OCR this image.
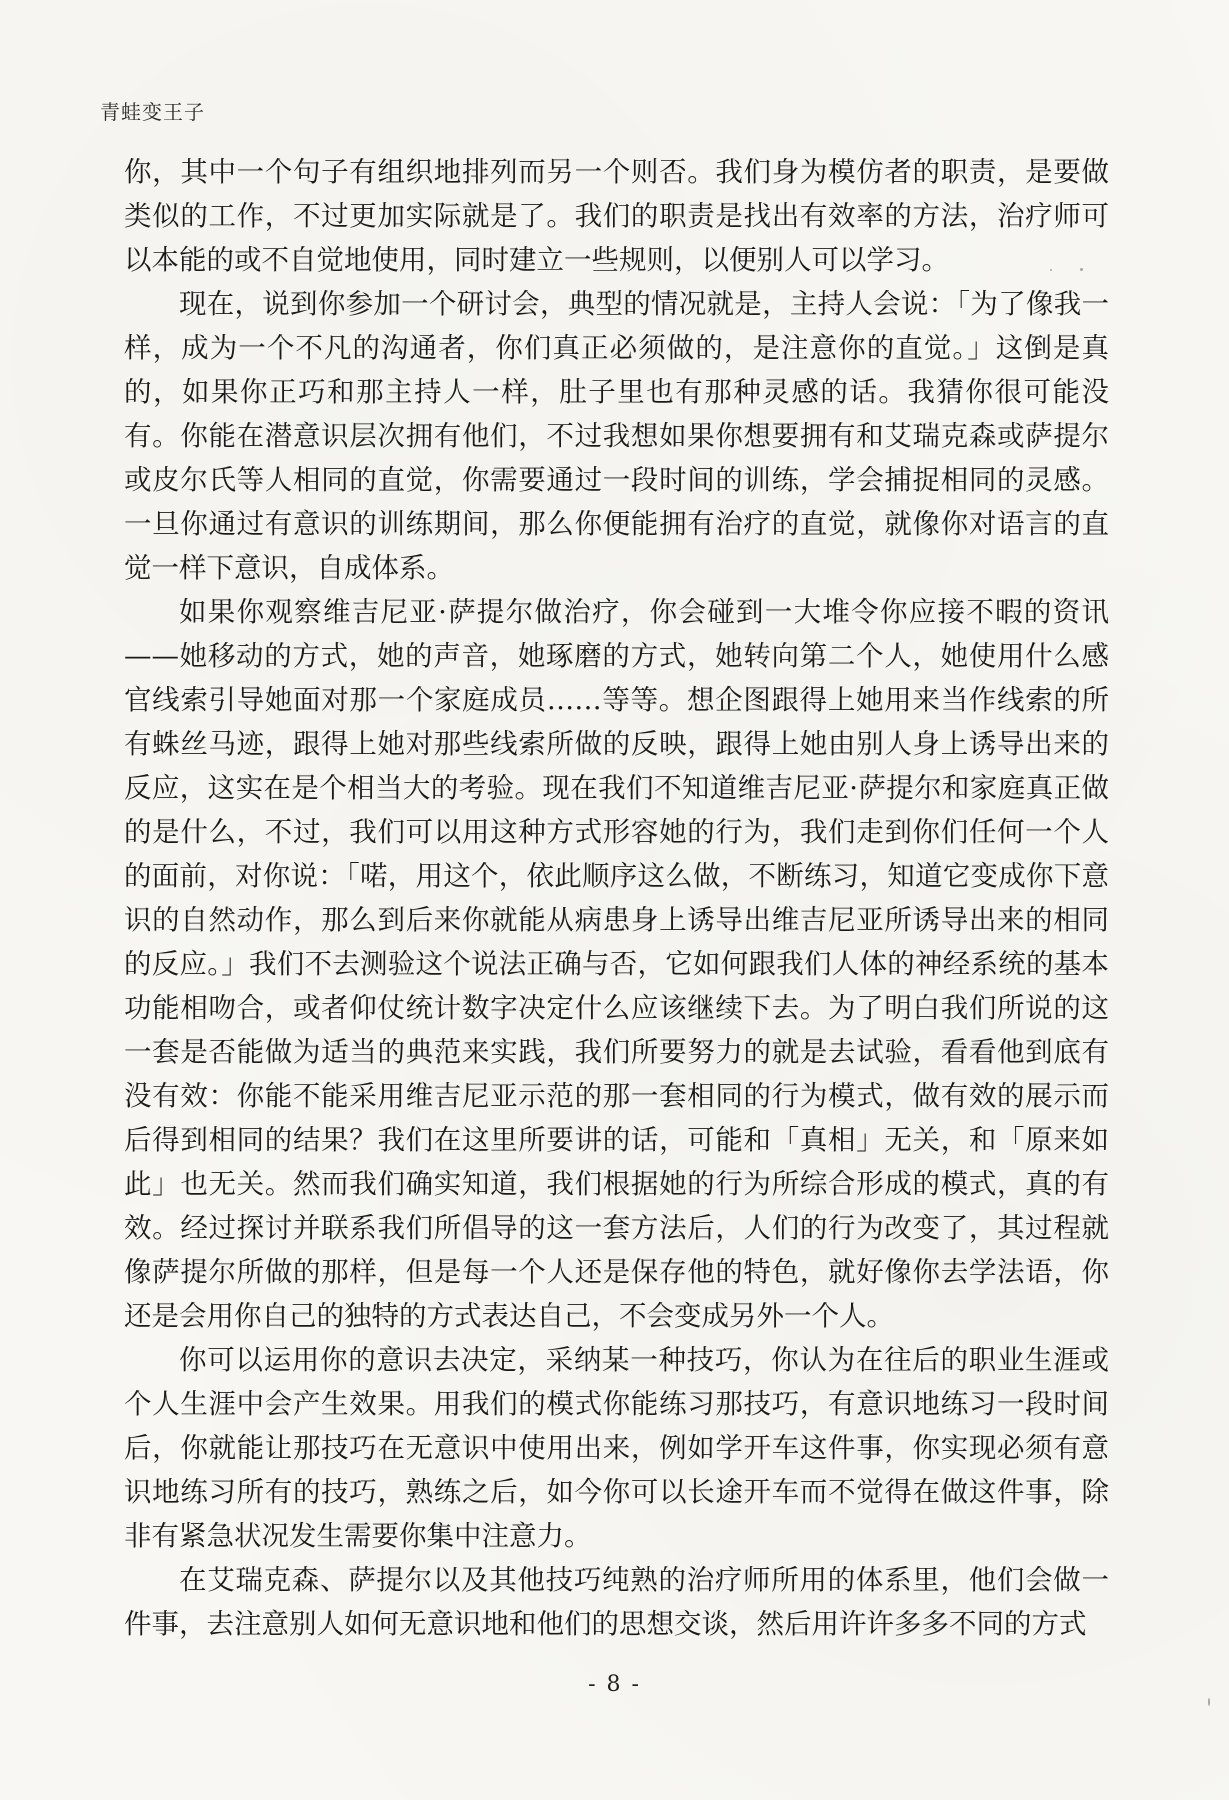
青蛙变王子

你，其中一个句子有组织地排列而另一个则否。我们身为模仿者的职责，是要做类似的工作，不过更加实际就是了。我们的职责是找出有效率的方法，治疗师可以本能的或不自觉地使用，同时建立一些规则，以便别人可以学习。

现在，说到你参加一个研讨会，典型的情况就是，主持人会说：「为了像我一样，成为一个不凡的沟通者，你们真正必须做的，是注意你的直觉。」这倒是真的，如果你正巧和那主持人一样，肚子里也有那种灵感的话。我猜你很可能没有。你能在潜意识层次拥有他们，不过我想如果你想要拥有和艾瑞克森或萨提尔或皮尔氏等人相同的直觉，你需要通过一段时间的训练，学会捕捉相同的灵感。一旦你通过有意识的训练期间，那么你便能拥有治疗的直觉，就像你对语言的直觉一样下意识，自成体系。

如果你观察维吉尼亚·萨提尔做治疗，你会碰到一大堆令你应接不暇的资讯——她移动的方式，她的声音，她琢磨的方式，她转向第二个人，她使用什么感官线索引导她面对那一个家庭成员……等等。想企图跟得上她用来当作线索的所有蛛丝马迹，跟得上她对那些线索所做的反映，跟得上她由别人身上诱导出来的反应，这实在是个相当大的考验。现在我们不知道维吉尼亚·萨提尔和家庭真正做的是什么，不过，我们可以用这种方式形容她的行为，我们走到你们任何一个人的面前，对你说：「喏，用这个，依此顺序这么做，不断练习，知道它变成你下意识的自然动作，那么到后来你就能从病患身上诱导出维吉尼亚所诱导出来的相同的反应。」我们不去测验这个说法正确与否，它如何跟我们人体的神经系统的基本功能相吻合，或者仰仗统计数字决定什么应该继续下去。为了明白我们所说的这一套是否能做为适当的典范来实践，我们所要努力的就是去试验，看看他到底有没有效：你能不能采用维吉尼亚示范的那一套相同的行为模式，做有效的展示而后得到相同的结果？我们在这里所要讲的话，可能和「真相」无关，和「原来如此」也无关。然而我们确实知道，我们根据她的行为所综合形成的模式，真的有效。经过探讨并联系我们所倡导的这一套方法后，人们的行为改变了，其过程就像萨提尔所做的那样，但是每一个人还是保存他的特色，就好像你去学法语，你还是会用你自己的独特的方式表达自己，不会变成另外一个人。

你可以运用你的意识去决定，采纳某一种技巧，你认为在往后的职业生涯或个人生涯中会产生效果。用我们的模式你能练习那技巧，有意识地练习一段时间后，你就能让那技巧在无意识中使用出来，例如学开车这件事，你实现必须有意识地练习所有的技巧，熟练之后，如今你可以长途开车而不觉得在做这件事，除非有紧急状况发生需要你集中注意力。

在艾瑞克森、萨提尔以及其他技巧纯熟的治疗师所用的体系里，他们会做一件事，去注意别人如何无意识地和他们的思想交谈，然后用许许多多不同的方式

- 8 -
